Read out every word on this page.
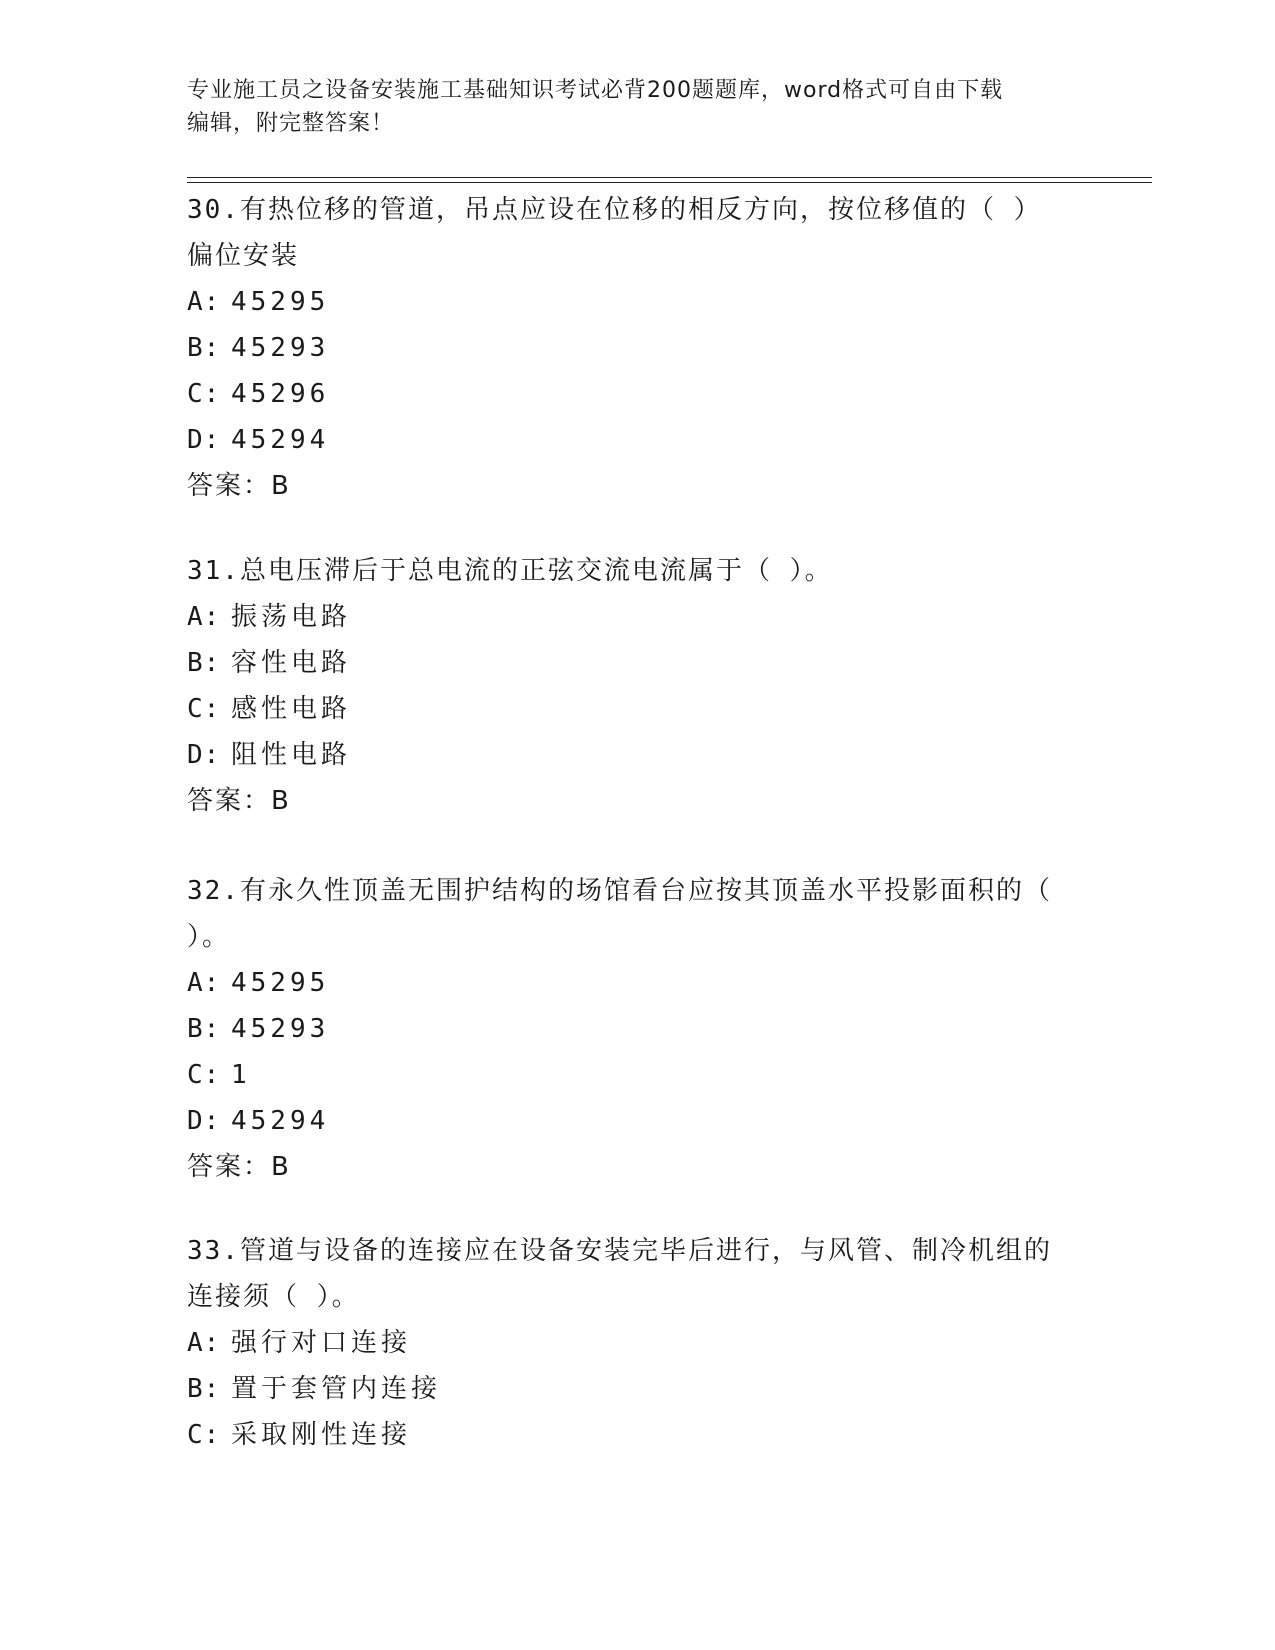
专业施工员之设备安装施工基础知识考试必背200题题库，word格式可自由下载
编辑，附完整答案！
30.有热位移的管道，吊点应设在位移的相反方向，按位移值的（ ）
偏位安装
A: 45295
B: 45293
C: 45296
D: 45294
答案：B
31.总电压滞后于总电流的正弦交流电流属于（ ）。
A: 振荡电路
B: 容性电路
C: 感性电路
D: 阻性电路
答案：B
32.有永久性顶盖无围护结构的场馆看台应按其顶盖水平投影面积的（
）。
A: 45295
B: 45293
C: 1
D: 45294
答案：B
33.管道与设备的连接应在设备安装完毕后进行，与风管、制冷机组的
连接须（ ）。
A: 强行对口连接
B: 置于套管内连接
C: 采取刚性连接
